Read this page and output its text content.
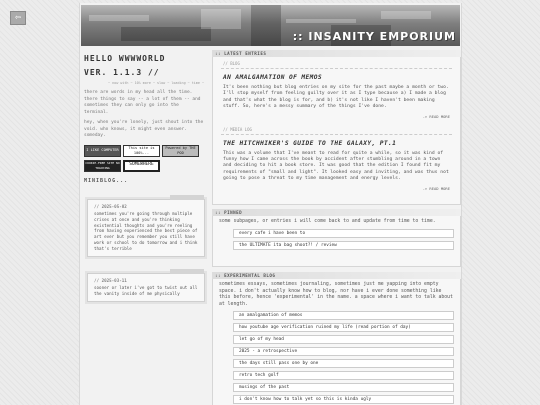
⇦
:: INSANITY EMPORIUM
HELLO WWWWORLD
VER. 1.1.3 //
~ now with ~ 10% more ~ slow ~ loading ~ time ~

there are words in my head all the time. there things to say -- a lot of them -- and sometimes they can only go into the terminal.

hey, when you're lonely, just shout into the void. who knows, it might even answer. someday.

I LIKE COMPUTER
This site is 100%...
Powered by THE POD
COOKIE-FREE SITE NO TRACKING
SOMEWHERE
MINIBLOG...
// 2025-05-02
sometimes you're going through multiple crises at once and you're thinking existential thoughts and you're reeling from having experienced the best piece of art ever but you remember you still have work or school to do tomorrow and i think that's terrible
// 2025-03-11
sooner or later i've got to twist out all the vanity inside of me physically
:: LATEST ENTRIES
// BLOG
AN AMALGAMATION OF MEMOS
It's been nothing but blog entries on my site for the past maybe a month or two. I'll stop myself from feeling guilty over it as I type because a) I made a blog and that's what the blog is for, and b) it's not like I haven't been making stuff. So, here's a messy summary of the things I've done.
-> READ MORE
// MEDIA LOG
THE HITCHHIKER'S GUIDE TO THE GALAXY, PT.1
This was a volume that I've meant to read for quite a while, so it was kind of funny how I came across the book by accident after stumbling around in a town and deciding to hit a book store. It was good that the edition I found fit my requirements of "small and light". It looked easy and inviting, and was thus not going to pose a threat to my time management and energy levels.
-> READ MORE
:: PINNED
some subpages, or entries i will come back to and update from time to time.
every cafe i have been to
the ULTIMATE ita bag shoot?! / review
:: EXPERIMENTAL BLOG
sometimes essays, sometimes journaling, sometimes just me yapping into empty space. i don't actually know how to blog, nor have i ever done something like this before, hence 'experimental' in the name. a space where i want to talk about at length.
an amalgamation of memos
how youtube age verification ruined my life (read portion of day)
let go of my head
2025 - a retrospective
the days still pass one by one
retro tech golf
musings of the past
i don't know how to talk yet so this is kinda ugly
